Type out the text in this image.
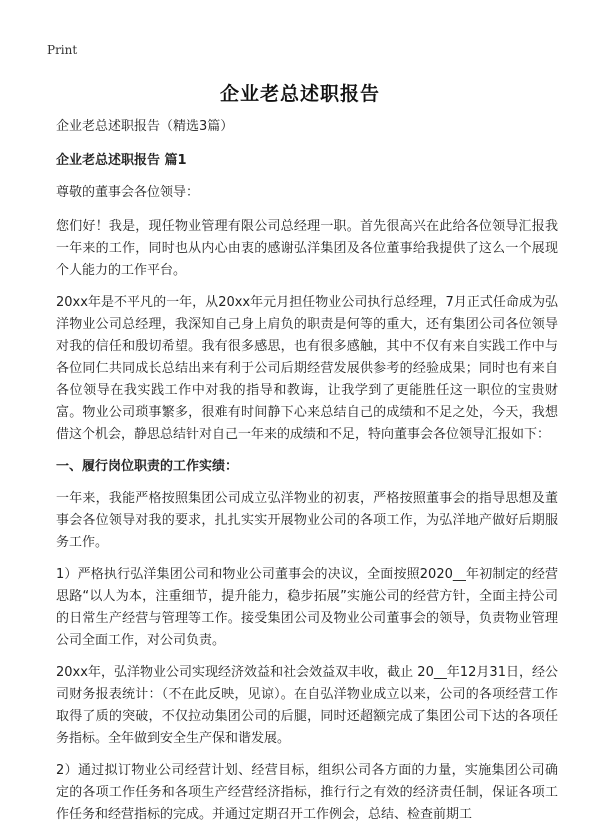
Print
企业老总述职报告

企业老总述职报告（精选3篇）

企业老总述职报告 篇1

尊敬的董事会各位领导：

您们好！我是，现任物业管理有限公司总经理一职。首先很高兴在此给各位领导汇报我一年来的工作，同时也从内心由衷的感谢弘洋集团及各位董事给我提供了这么一个展现个人能力的工作平台。

20xx年是不平凡的一年，从20xx年元月担任物业公司执行总经理，7月正式任命成为弘洋物业公司总经理，我深知自己身上肩负的职责是何等的重大，还有集团公司各位领导对我的信任和殷切希望。我有很多感思，也有很多感触，其中不仅有来自实践工作中与各位同仁共同成长总结出来有利于公司后期经营发展供参考的经验成果；同时也有来自各位领导在我实践工作中对我的指导和教诲，让我学到了更能胜任这一职位的宝贵财富。物业公司琐事繁多，很难有时间静下心来总结自己的成绩和不足之处，今天，我想借这个机会，静思总结针对自己一年来的成绩和不足，特向董事会各位领导汇报如下：

一、履行岗位职责的工作实绩：

一年来，我能严格按照集团公司成立弘洋物业的初衷，严格按照董事会的指导思想及董事会各位领导对我的要求，扎扎实实开展物业公司的各项工作，为弘洋地产做好后期服务工作。

1）严格执行弘洋集团公司和物业公司董事会的决议，全面按照2020__年初制定的经营思路“以人为本，注重细节，提升能力，稳步拓展”实施公司的经营方针，全面主持公司的日常生产经营与管理等工作。接受集团公司及物业公司董事会的领导，负责物业管理公司全面工作，对公司负责。

20xx年，弘洋物业公司实现经济效益和社会效益双丰收，截止 20__年12月31日，经公司财务报表统计：（不在此反映，见谅）。在自弘洋物业成立以来，公司的各项经营工作取得了质的突破，不仅拉动集团公司的后腿，同时还超额完成了集团公司下达的各项任务指标。全年做到安全生产保和谐发展。

2）通过拟订物业公司经营计划、经营目标，组织公司各方面的力量，实施集团公司确定的各项工作任务和各项生产经营经济指标，推行行之有效的经济责任制，保证各项工作任务和经营指标的完成。并通过定期召开工作例会，总结、检查前期工
